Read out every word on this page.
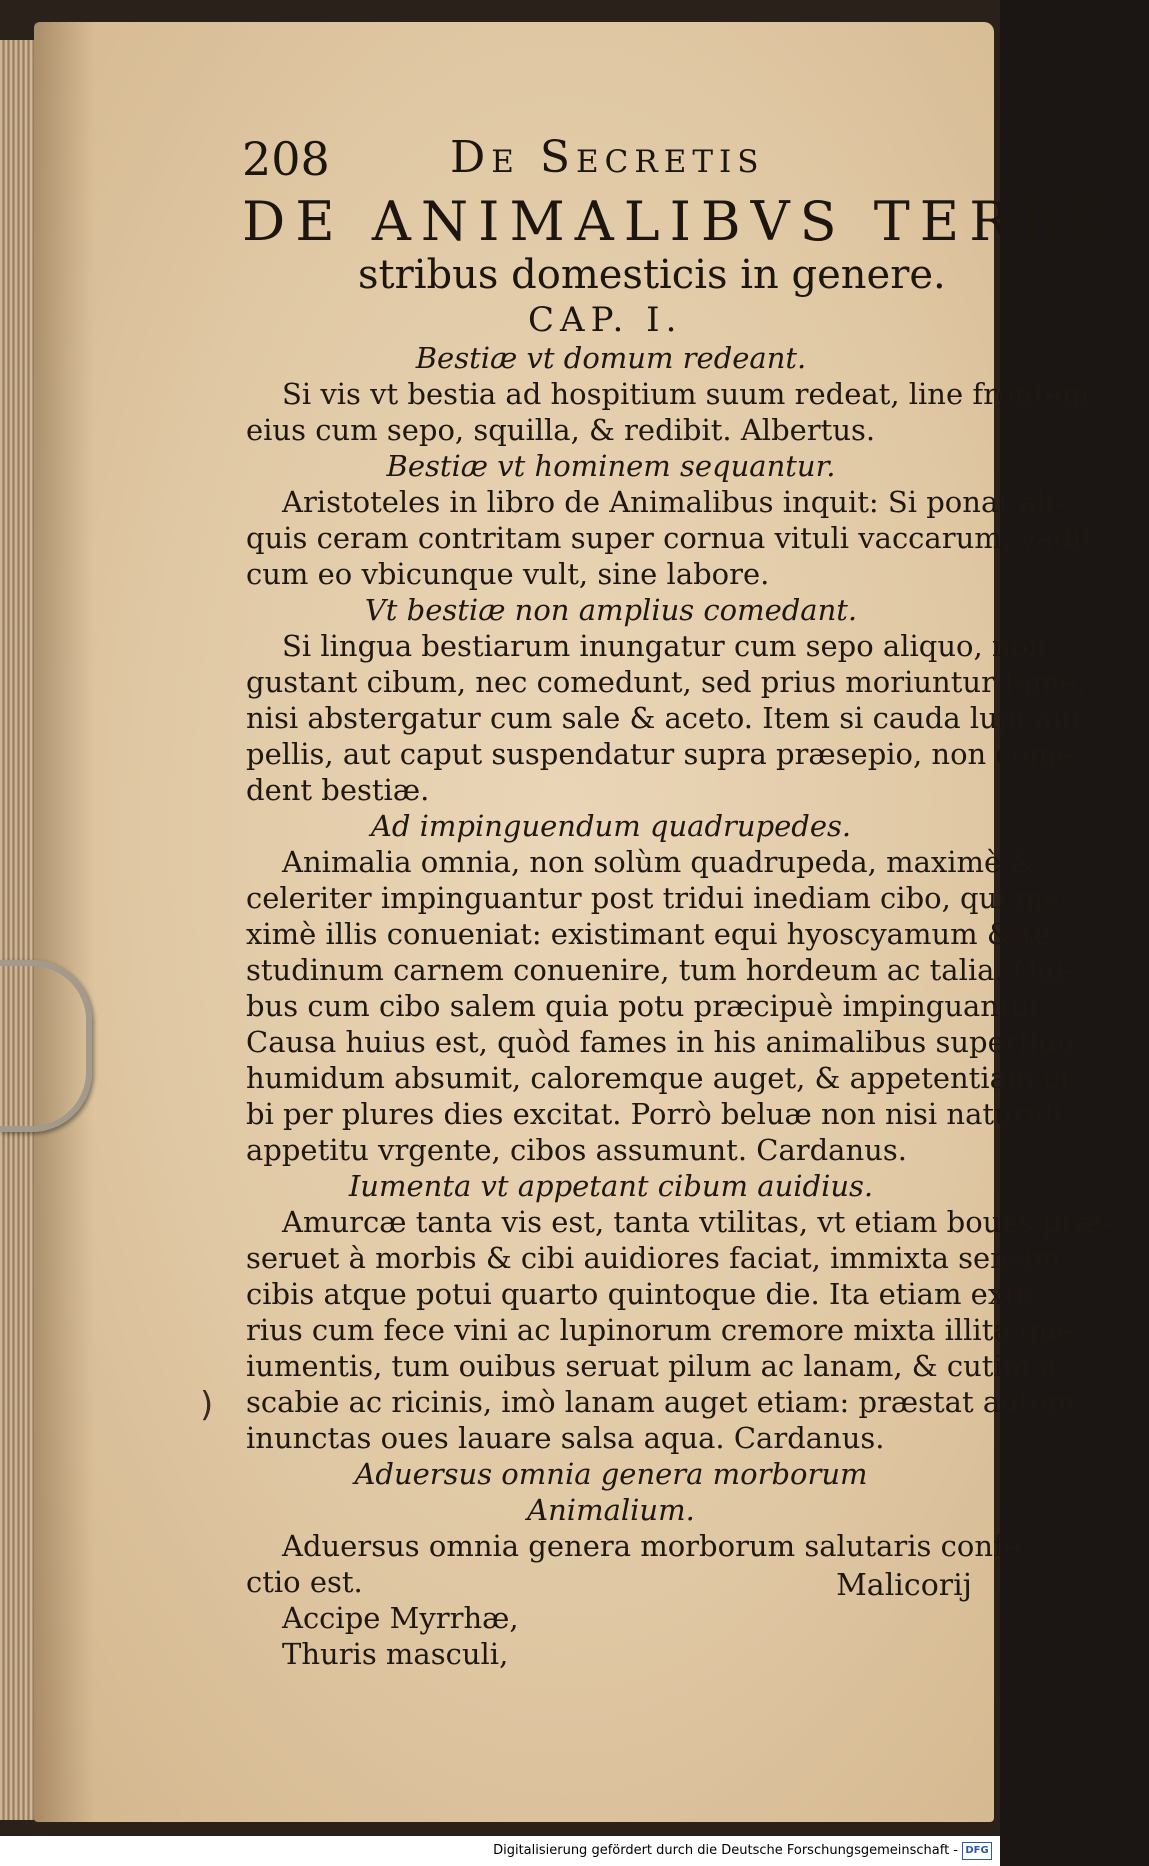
208	De Secretis
DE ANIMALIBVS TERRE-
stribus domesticis in genere.
CAP. I.
Bestiæ vt domum redeant.
Si vis vt bestia ad hospitium suum redeat, line frontem
eius cum sepo, squilla, & redibit. Albertus.
Bestiæ vt hominem sequantur.
Aristoteles in libro de Animalibus inquit: Si ponat ali-
quis ceram contritam super cornua vituli vaccarum, vadit
cum eo vbicunque vult, sine labore.
Vt bestiæ non amplius comedant.
Si lingua bestiarum inungatur cum sepo aliquo, non
gustant cibum, nec comedunt, sed prius moriuntur fame,
nisi abstergatur cum sale & aceto. Item si cauda lupi aut
pellis, aut caput suspendatur supra præsepio, non come-
dent bestiæ.
Ad impinguendum quadrupedes.
Animalia omnia, non solùm quadrupeda, maximè &
celeriter impinguantur post tridui inediam cibo, qui ma-
ximè illis conueniat: existimant equi hyoscyamum & te-
studinum carnem conuenire, tum hordeum ac talia. Oui-
bus cum cibo salem quia potu præcipuè impinguantur.
Causa huius est, quòd fames in his animalibus superfluū
humidum absumit, caloremque auget, & appetentiam ci-
bi per plures dies excitat. Porrò beluæ non nisi naturali
appetitu vrgente, cibos assumunt. Cardanus.
Iumenta vt appetant cibum auidius.
Amurcæ tanta vis est, tanta vtilitas, vt etiam boues præ-
seruet à morbis & cibi auidiores faciat, immixta sensim
cibis atque potui quarto quintoque die. Ita etiam exte-
rius cum fece vini ac lupinorum cremore mixta illita que
iumentis, tum ouibus seruat pilum ac lanam, & cutim à
scabie ac ricinis, imò lanam auget etiam: præstat autem
inunctas oues lauare salsa aqua. Cardanus.
Aduersus omnia genera morborum
Animalium.
Aduersus omnia genera morborum salutaris confe-
ctio est.
Accipe Myrrhæ,
Thuris masculi,
)
Malicorij
Digitalisierung gefördert durch die Deutsche Forschungsgemeinschaft - DFG
